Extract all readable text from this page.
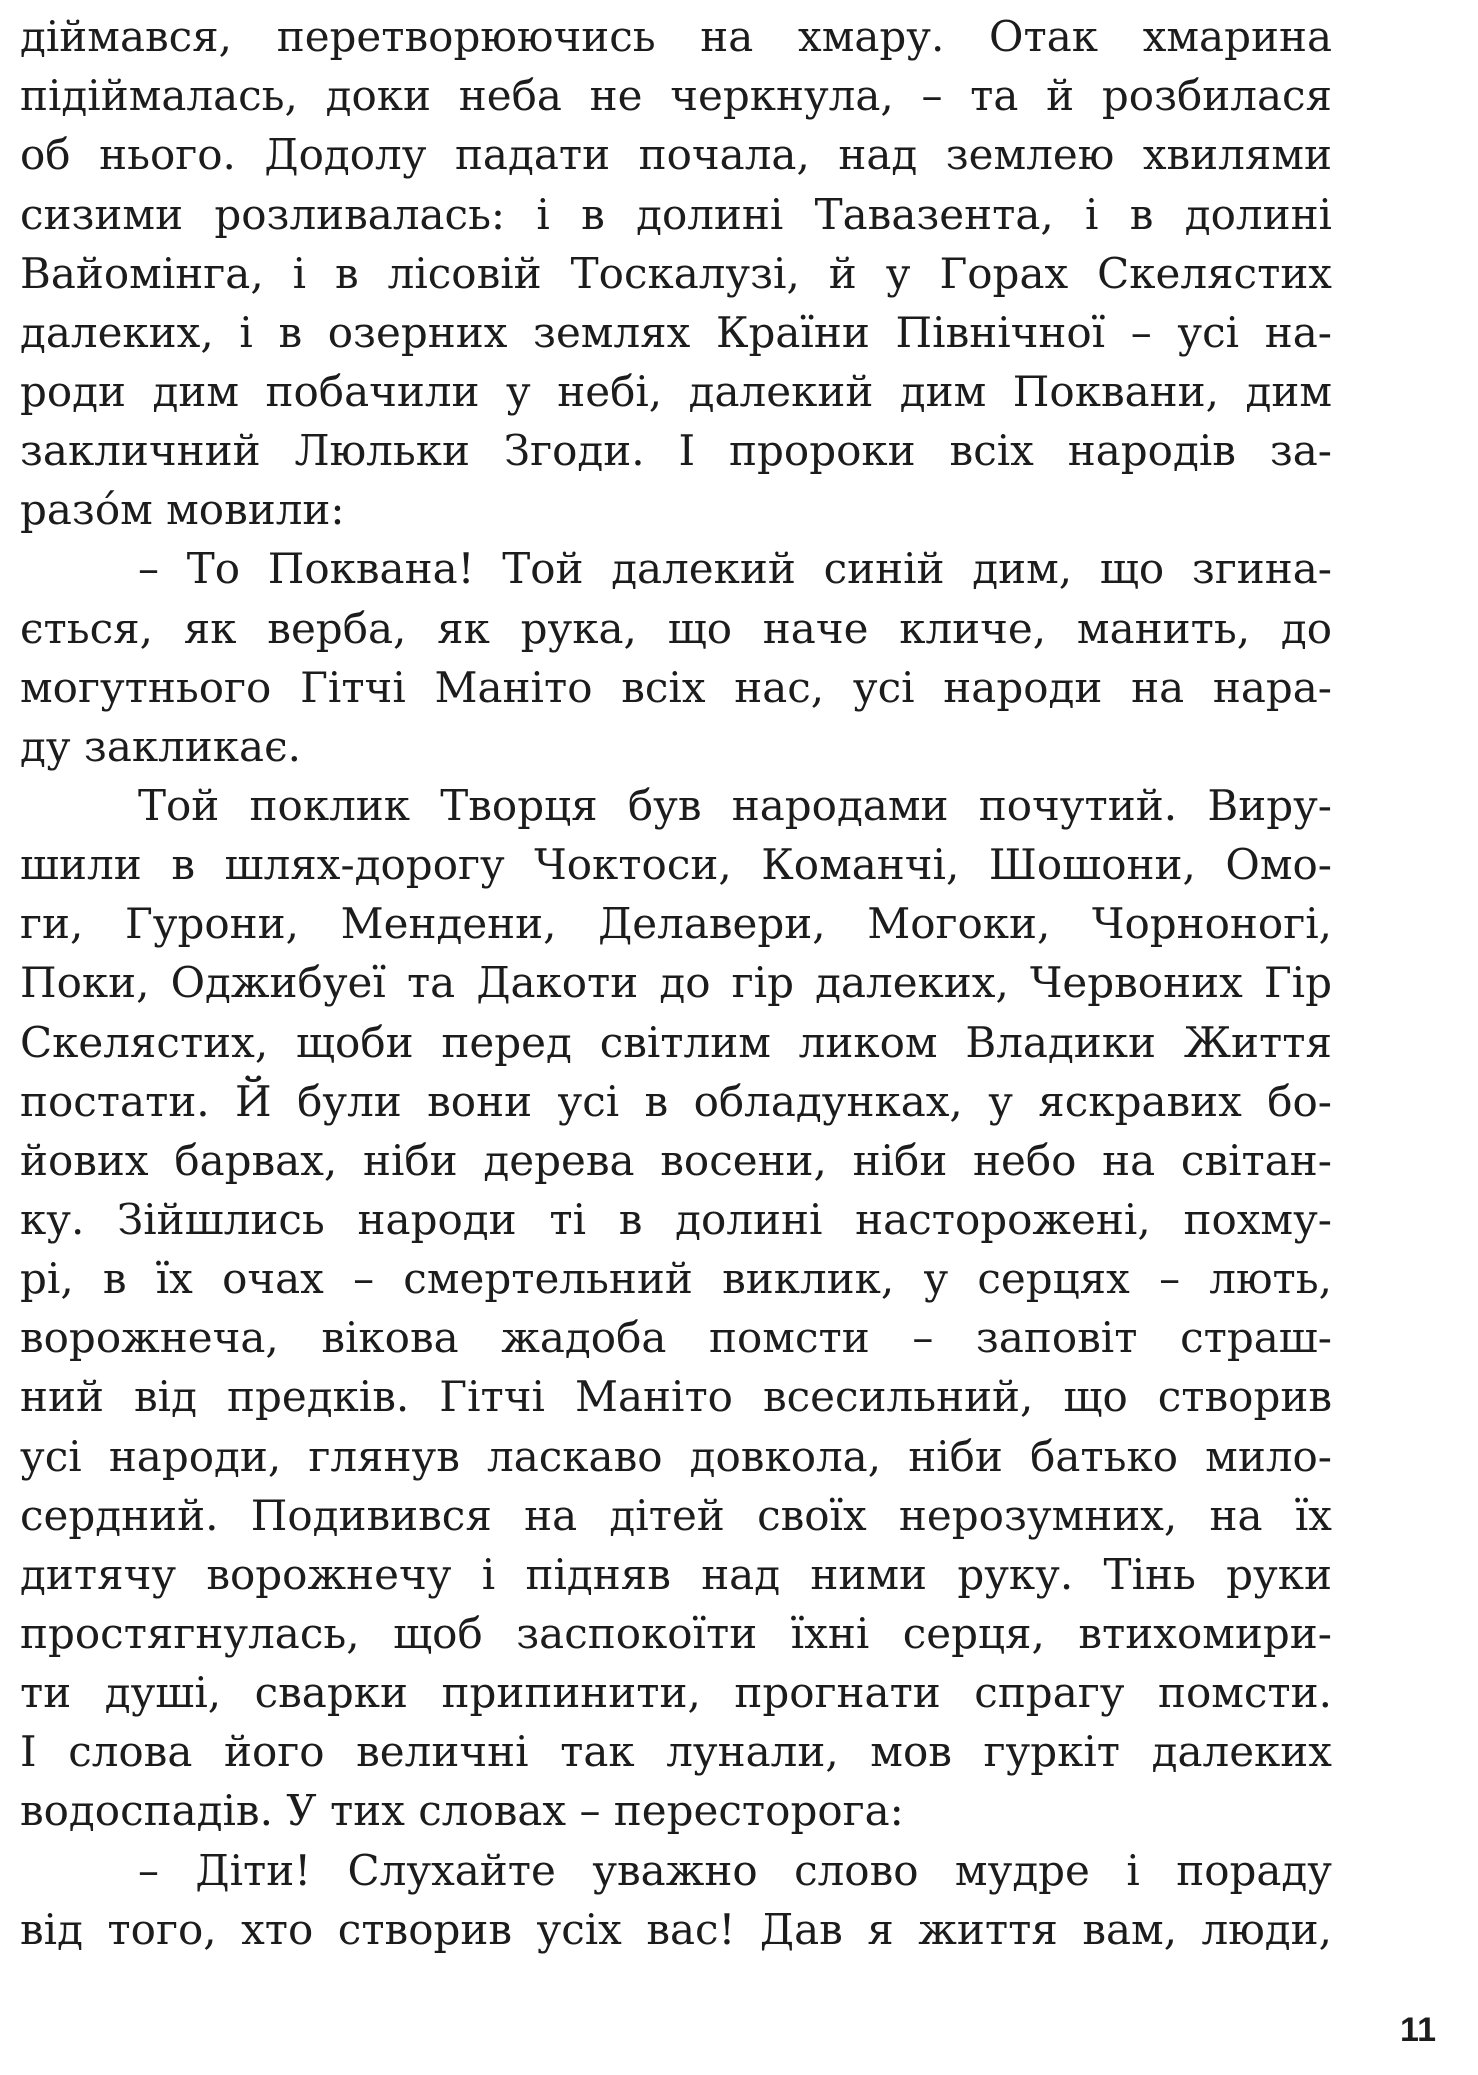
діймався, перетворюючись на хмару. Отак хмарина
підіймалась, доки неба не черкнула, – та й розбилася
об нього. Додолу падати почала, над землею хвилями
сизими розливалась: і в долині Тавазента, і в долині
Вайомінга, і в лісовій Тоскалузі, й у Горах Скелястих
далеких, і в озерних землях Країни Північної – усі на-
роди дим побачили у небі, далекий дим Поквани, дим
закличний Люльки Згоди. І пророки всіх народів за-
разо́м мовили:
– То Покванa! Той далекий синій дим, що згина-
ється, як верба, як рука, що наче кличе, манить, до
могутнього Гітчі Маніто всіх нас, усі народи на нара-
ду закликає.
Той поклик Творця був народами почутий. Виру-
шили в шлях-дорогу Чоктоси, Команчі, Шошони, Омо-
ги, Гурони, Мендени, Делавери, Могоки, Чорноногі,
Поки, Оджибуеї та Дакоти до гір далеких, Червоних Гір
Скелястих, щоби перед світлим ликом Владики Життя
постати. Й були вони усі в обладунках, у яскравих бо-
йових барвах, ніби дерева восени, ніби небо на світан-
ку. Зійшлись народи ті в долині насторожені, похму-
рі, в їх очах – смертельний виклик, у серцях – лють,
ворожнеча, вікова жадоба помсти – заповіт страш-
ний від предків. Гітчі Маніто всесильний, що створив
усі народи, глянув ласкаво довкола, ніби батько мило-
сердний. Подивився на дітей своїх нерозумних, на їх
дитячу ворожнечу і підняв над ними руку. Тінь руки
простягнулась, щоб заспокоїти їхні серця, втихомири-
ти душі, сварки припинити, прогнати спрагу помсти.
І слова його величні так лунали, мов гуркіт далеких
водоспадів. У тих словах – пересторога:
– Діти! Слухайте уважно слово мудре і пораду
від того, хто створив усіх вас! Дав я життя вам, люди,
11
